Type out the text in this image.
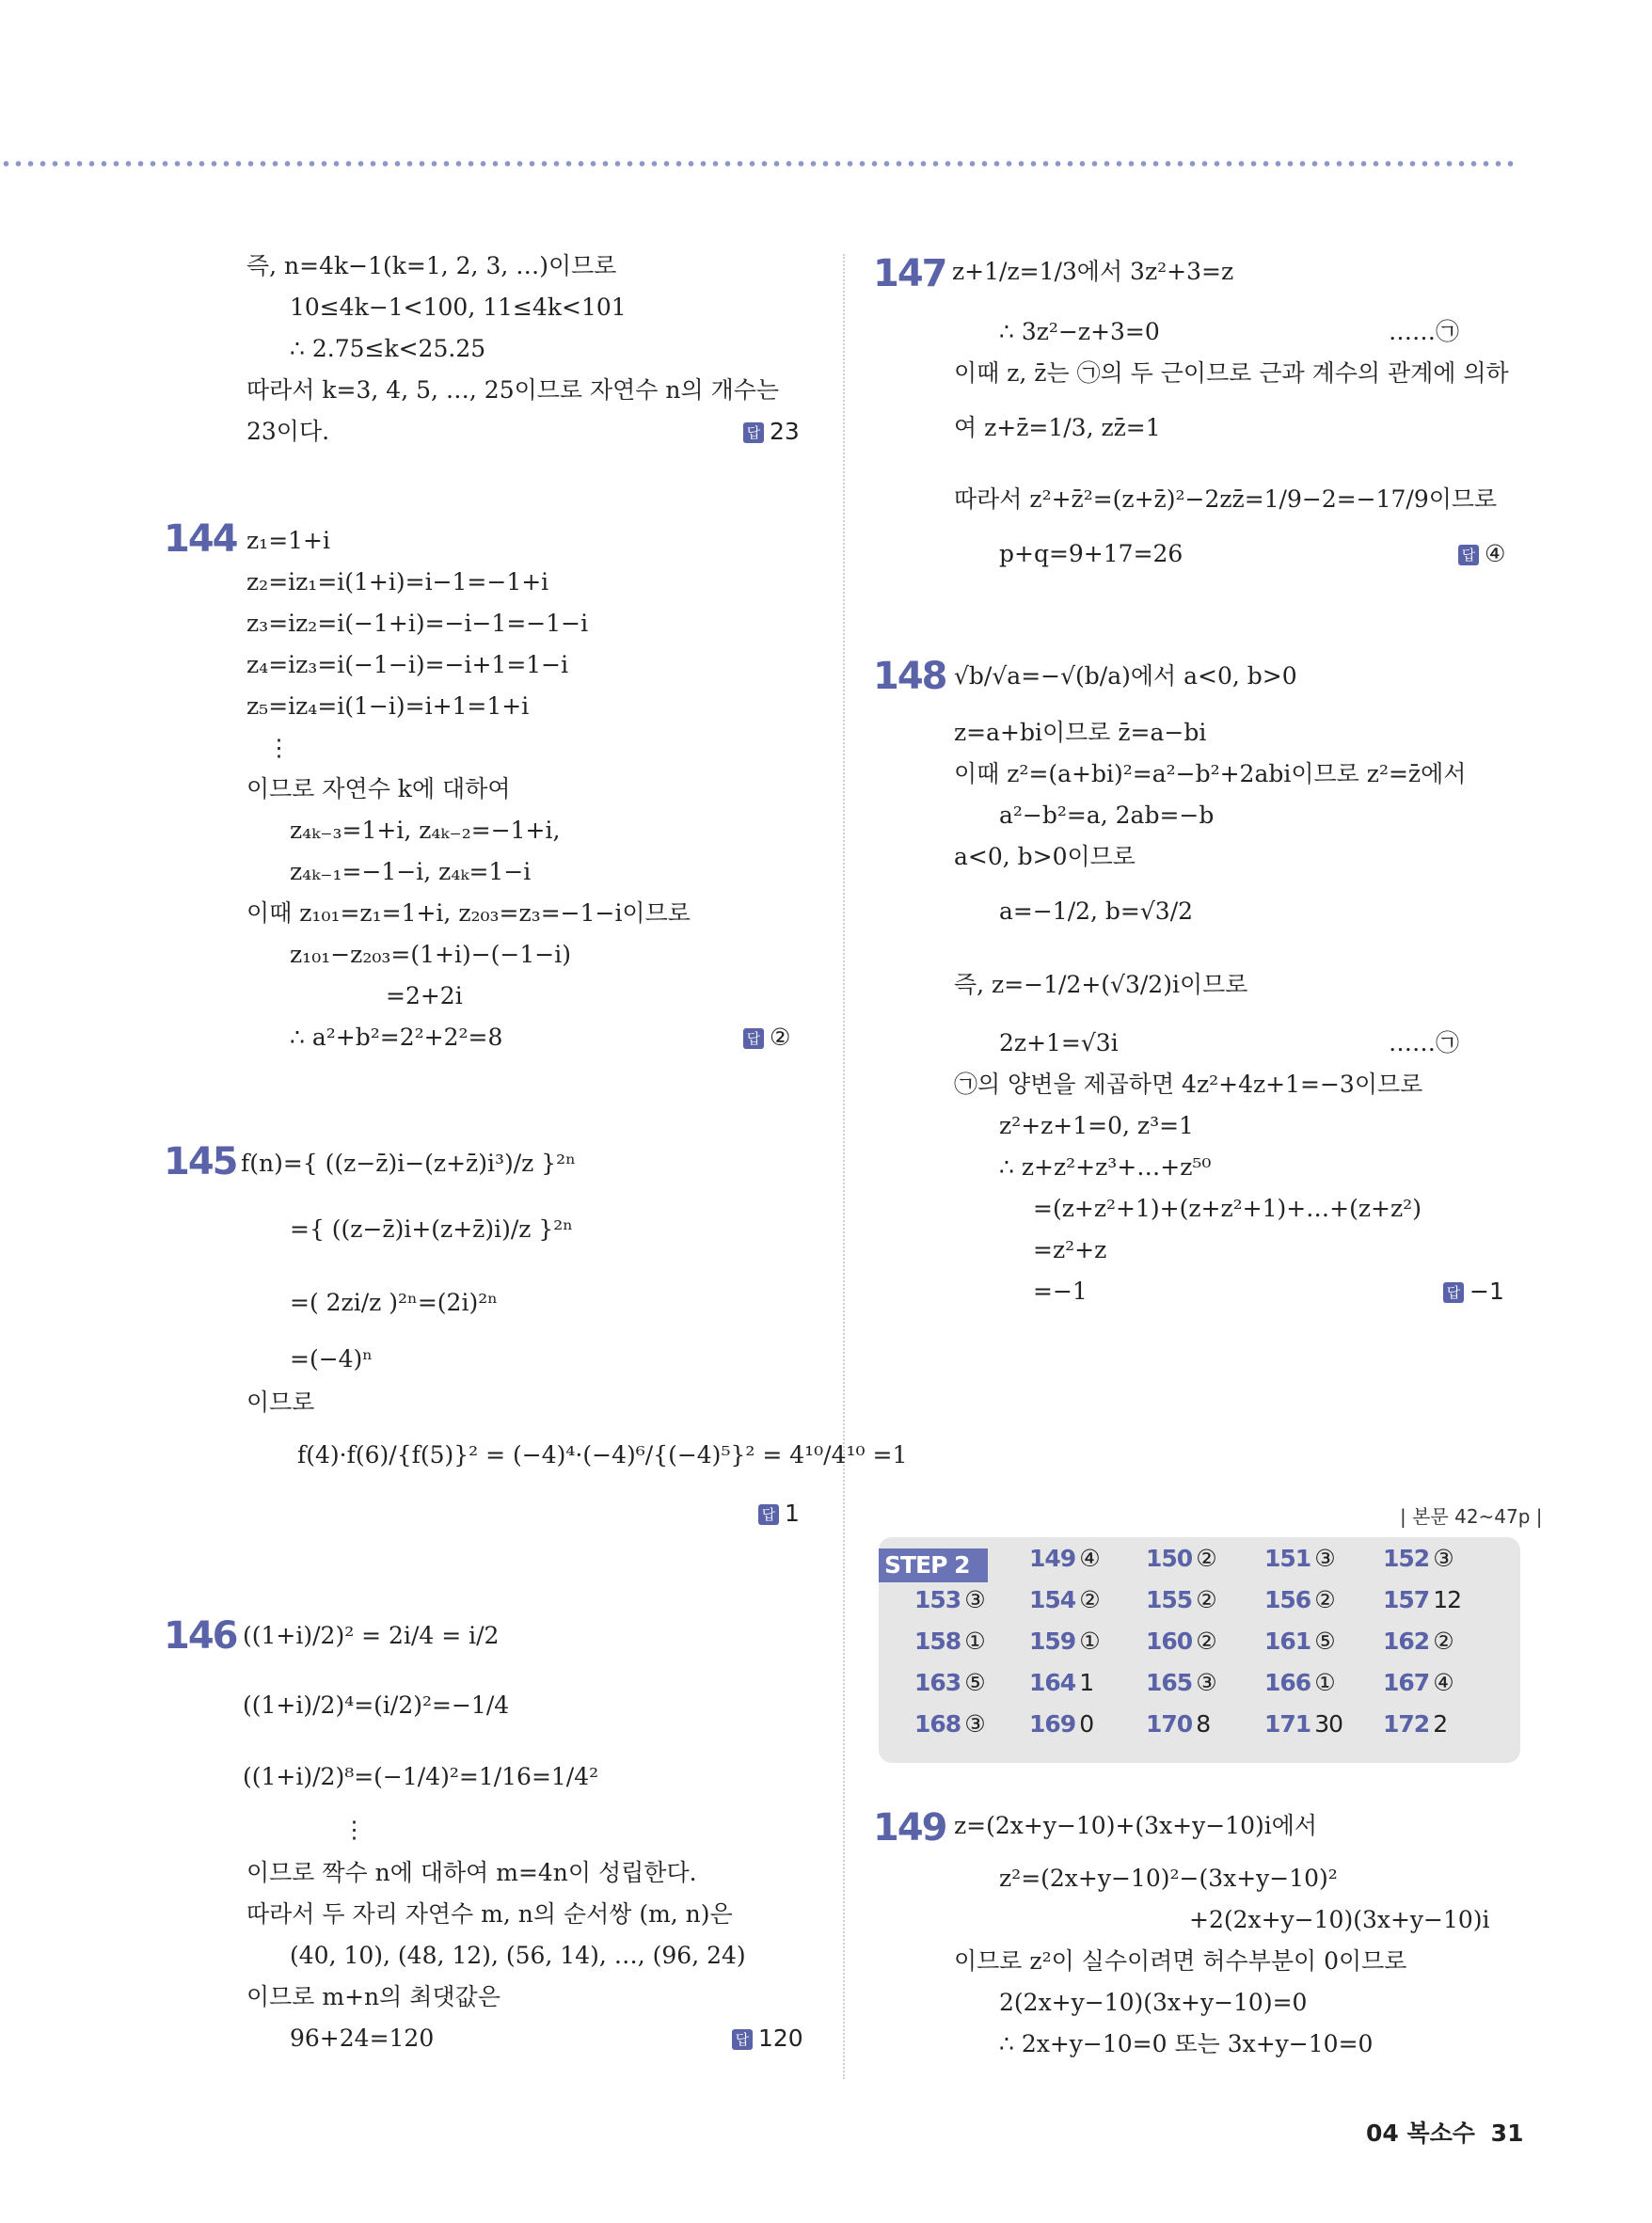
즉, n=4k−1(k=1, 2, 3, …)이므로
10≤4k−1<100, 11≤4k<101
∴ 2.75≤k<25.25
따라서 k=3, 4, 5, …, 25이므로 자연수 n의 개수는
23이다.	답 23
144 z₁=1+i
z₂=iz₁=i(1+i)=i−1=−1+i
z₃=iz₂=i(−1+i)=−i−1=−1−i
z₄=iz₃=i(−1−i)=−i+1=1−i
z₅=iz₄=i(1−i)=i+1=1+i
⋮
이므로 자연수 k에 대하여
z₄ₖ₋₃=1+i, z₄ₖ₋₂=−1+i,
z₄ₖ₋₁=−1−i, z₄ₖ=1−i
이때 z₁₀₁=z₁=1+i, z₂₀₃=z₃=−1−i이므로
z₁₀₁−z₂₀₃=(1+i)−(−1−i)
=2+2i
∴ a²+b²=2²+2²=8	답 ②
145 f(n)={ ((z−z̄)i−(z+z̄)i³)/z }²ⁿ
={ ((z−z̄)i+(z+z̄)i)/z }²ⁿ
=( 2zi/z )²ⁿ=(2i)²ⁿ
=(−4)ⁿ
이므로
f(4)·f(6)/{f(5)}² = (−4)⁴·(−4)⁶/{(−4)⁵}² = 4¹⁰/4¹⁰ =1
답 1
146 ((1+i)/2)² = 2i/4 = i/2
((1+i)/2)⁴=(i/2)²=−1/4
((1+i)/2)⁸=(−1/4)²=1/16=1/4²
⋮
이므로 짝수 n에 대하여 m=4n이 성립한다.
따라서 두 자리 자연수 m, n의 순서쌍 (m, n)은
(40, 10), (48, 12), (56, 14), …, (96, 24)
이므로 m+n의 최댓값은
96+24=120	답 120
147 z+1/z=1/3에서 3z²+3=z
∴ 3z²−z+3=0	……㉠
이때 z, z̄는 ㉠의 두 근이므로 근과 계수의 관계에 의하
여 z+z̄=1/3, zz̄=1
따라서 z²+z̄²=(z+z̄)²−2zz̄=1/9−2=−17/9이므로
p+q=9+17=26	답 ④
148 √b/√a=−√(b/a)에서 a<0, b>0
z=a+bi이므로 z̄=a−bi
이때 z²=(a+bi)²=a²−b²+2abi이므로 z²=z̄에서
a²−b²=a, 2ab=−b
a<0, b>0이므로
a=−1/2, b=√3/2
즉, z=−1/2+(√3/2)i이므로
2z+1=√3i	……㉠
㉠의 양변을 제곱하면 4z²+4z+1=−3이므로
z²+z+1=0, z³=1
∴ z+z²+z³+…+z⁵⁰
=(z+z²+1)+(z+z²+1)+…+(z+z²)
=z²+z
=−1	답 −1
| 본문 42~47p |
STEP 2	149 ④ 150 ② 151 ③ 152 ③
153 ③ 154 ② 155 ② 156 ② 157 12
158 ① 159 ① 160 ② 161 ⑤ 162 ②
163 ⑤ 164 1 165 ③ 166 ① 167 ④
168 ③ 169 0 170 8 171 30 172 2
149 z=(2x+y−10)+(3x+y−10)i에서
z²=(2x+y−10)²−(3x+y−10)²
+2(2x+y−10)(3x+y−10)i
이므로 z²이 실수이려면 허수부분이 0이므로
2(2x+y−10)(3x+y−10)=0
∴ 2x+y−10=0 또는 3x+y−10=0
04 복소수 31
